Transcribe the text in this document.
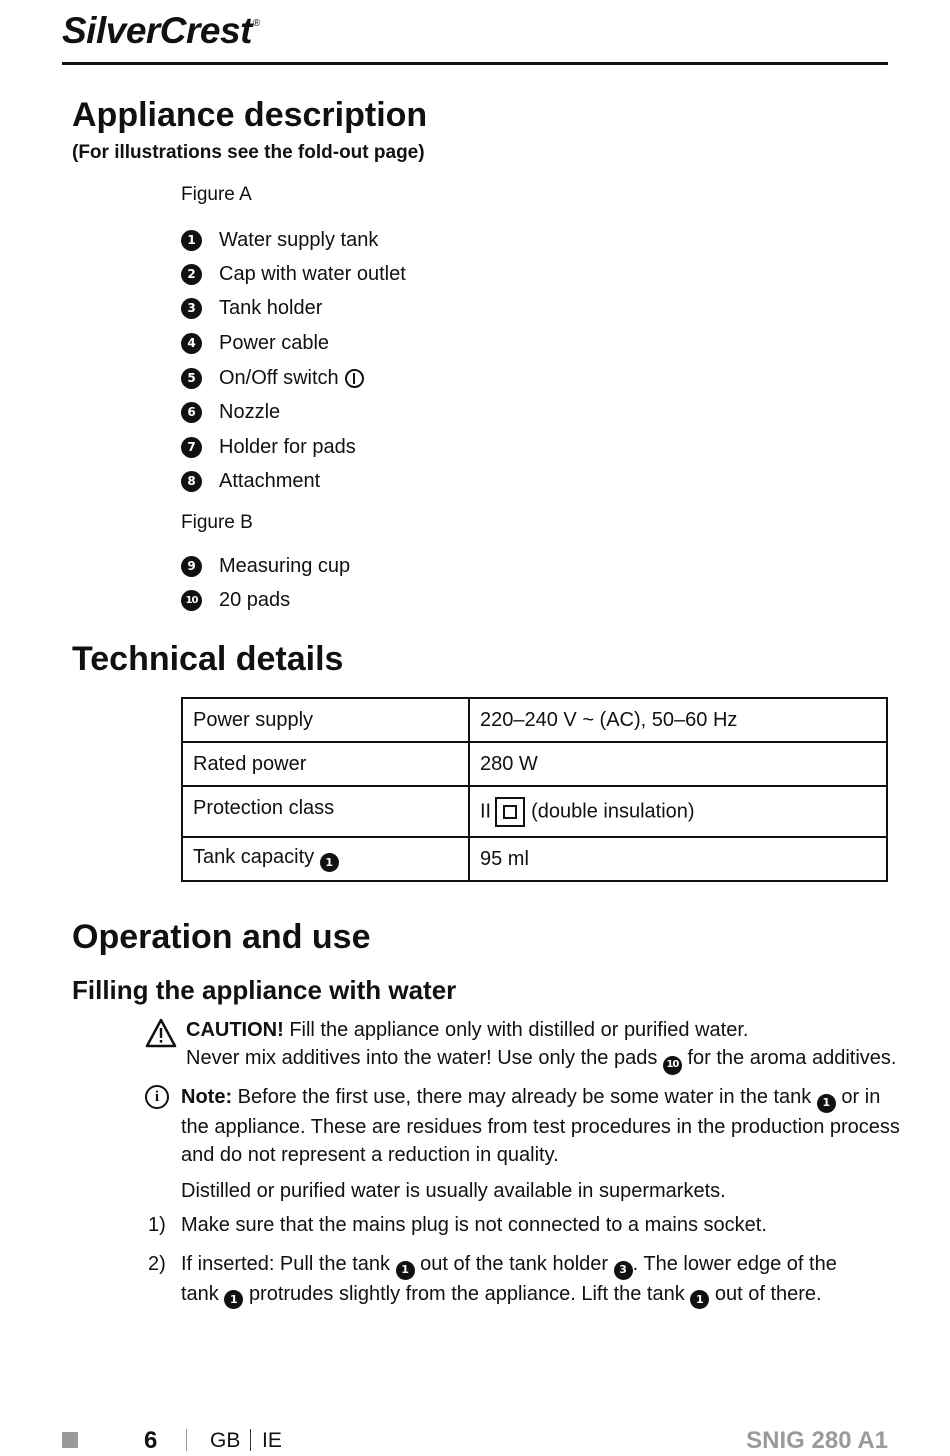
SilverCrest®
Appliance description
(For illustrations see the fold-out page)
Figure A
1	Water supply tank
2	Cap with water outlet
3	Tank holder
4	Power cable
5	On/Off switch
6	Nozzle
7	Holder for pads
8	Attachment
Figure B
9	Measuring cup
10 20 pads
Technical details
Power supply	220–240 V ~ (AC), 50–60 Hz
Rated power	280 W
Protection class	II (double insulation)
Tank capacity 1	95 ml
Operation and use
Filling the appliance with water
CAUTION! Fill the appliance only with distilled or purified water.
Never mix additives into the water! Use only the pads 10 for the aroma additives.
i	Note: Before the first use, there may already be some water in the tank 1 or in
the appliance. These are residues from test procedures in the production process
and do not represent a reduction in quality.
Distilled or purified water is usually available in supermarkets.
1) Make sure that the mains plug is not connected to a mains socket.
2) If inserted: Pull the tank 1 out of the tank holder 3 . The lower edge of the
tank 1 protrudes slightly from the appliance. Lift the tank 1 out of there.
6	GB IE	SNIG 280 A1
